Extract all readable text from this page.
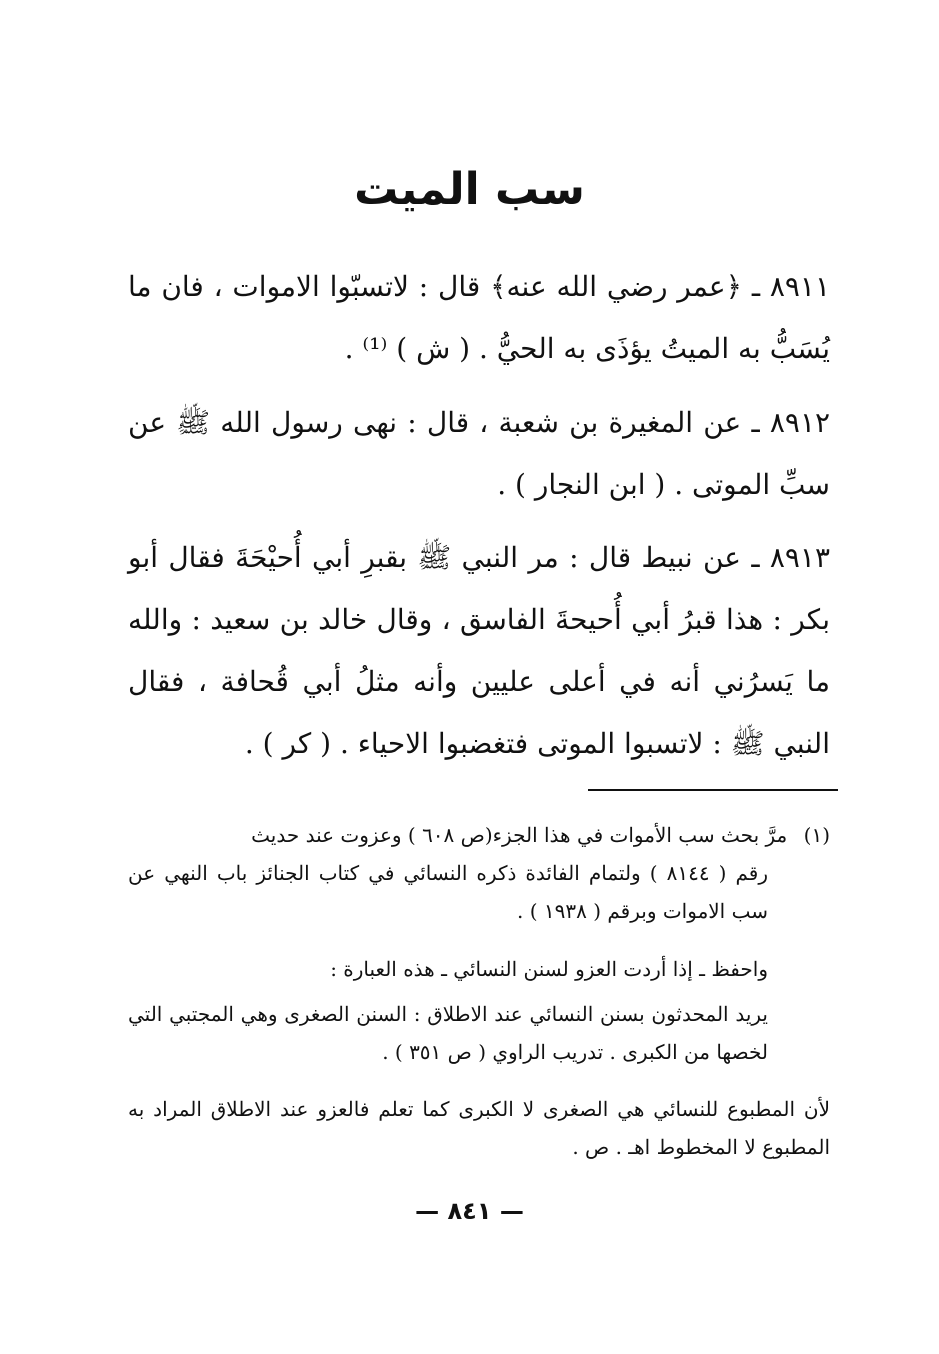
سب الميت

٨٩١١ ـ ﴿عمر رضي الله عنه﴾ قال : لاتسبّوا الاموات ، فان ما يُسَبُّ به الميتُ يؤذَى به الحيُّ . ( ش ) ⁽¹⁾ .

٨٩١٢ ـ عن المغيرة بن شعبة ، قال : نهى رسول الله ﷺ عن سبِّ الموتى . ( ابن النجار ) .

٨٩١٣ ـ عن نبيط قال : مر النبي ﷺ بقبرِ أبي أُحيْحَةَ فقال أبو بكر : هذا قبرُ أبي أُحيحةَ الفاسق ، وقال خالد بن سعيد : والله ما يَسرُني أنه في أعلى عليين وأنه مثلُ أبي قُحافة ، فقال النبي ﷺ : لاتسبوا الموتى فتغضبوا الاحياء . ( كر ) .

(١) مرَّ بحث سب الأموات في هذا الجزء(ص ٦٠٨ ) وعزوت عند حديث
رقم ( ٨١٤٤ ) ولتمام الفائدة ذكره النسائي في كتاب الجنائز باب النهي عن سب الاموات وبرقم ( ١٩٣٨ ) .

واحفظ ـ إذا أردت العزو لسنن النسائي ـ هذه العبارة :

يريد المحدثون بسنن النسائي عند الاطلاق : السنن الصغرى وهي المجتبي التي لخصها من الكبرى . تدريب الراوي ( ص ٣٥١ ) .

لأن المطبوع للنسائي هي الصغرى لا الكبرى كما تعلم فالعزو عند الاطلاق المراد به المطبوع لا المخطوط اهـ . ص .

— ٨٤١ —
